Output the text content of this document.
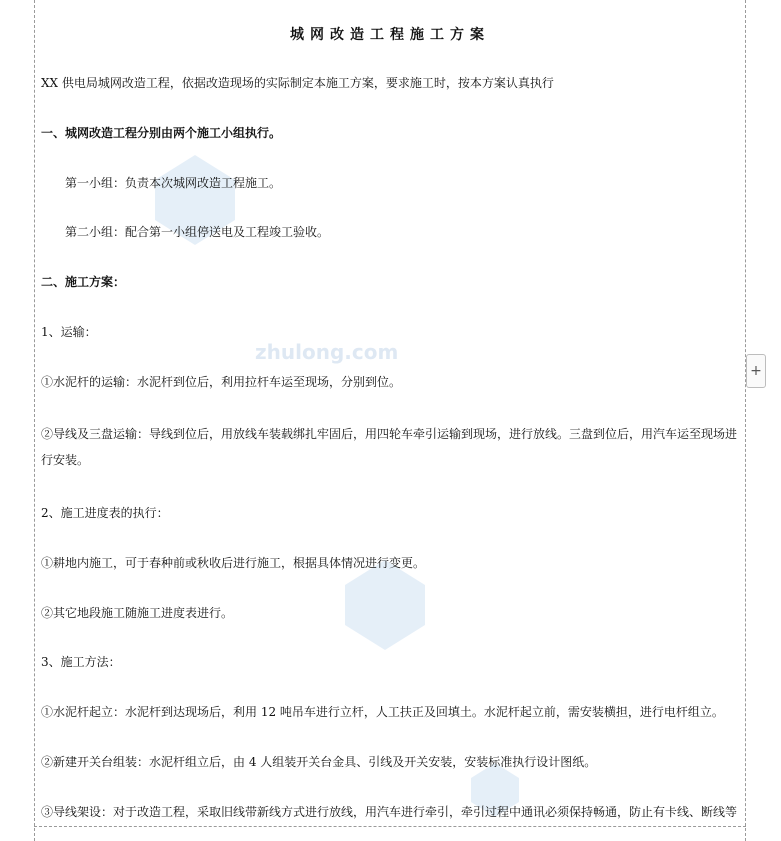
zhulong.com
城网改造工程施工方案
XX 供电局城网改造工程，依据改造现场的实际制定本施工方案，要求施工时，按本方案认真执行
一、城网改造工程分别由两个施工小组执行。
第一小组：负责本次城网改造工程施工。
第二小组：配合第一小组停送电及工程竣工验收。
二、施工方案：
1、运输：
①水泥杆的运输：水泥杆到位后，利用拉杆车运至现场，分别到位。
②导线及三盘运输：导线到位后，用放线车装载绑扎牢固后，用四轮车牵引运输到现场，进行放线。三盘到位后，用汽车运至现场进行安装。
2、施工进度表的执行：
①耕地内施工，可于春种前或秋收后进行施工，根据具体情况进行变更。
②其它地段施工随施工进度表进行。
3、施工方法：
①水泥杆起立：水泥杆到达现场后，利用 12 吨吊车进行立杆，人工扶正及回填土。水泥杆起立前，需安装横担，进行电杆组立。
②新建开关台组装：水泥杆组立后，由 4 人组装开关台金具、引线及开关安装，安装标准执行设计图纸。
③导线架设：对于改造工程，采取旧线带新线方式进行放线，用汽车进行牵引，牵引过程中通讯必须保持畅通，防止有卡线、断线等
+
